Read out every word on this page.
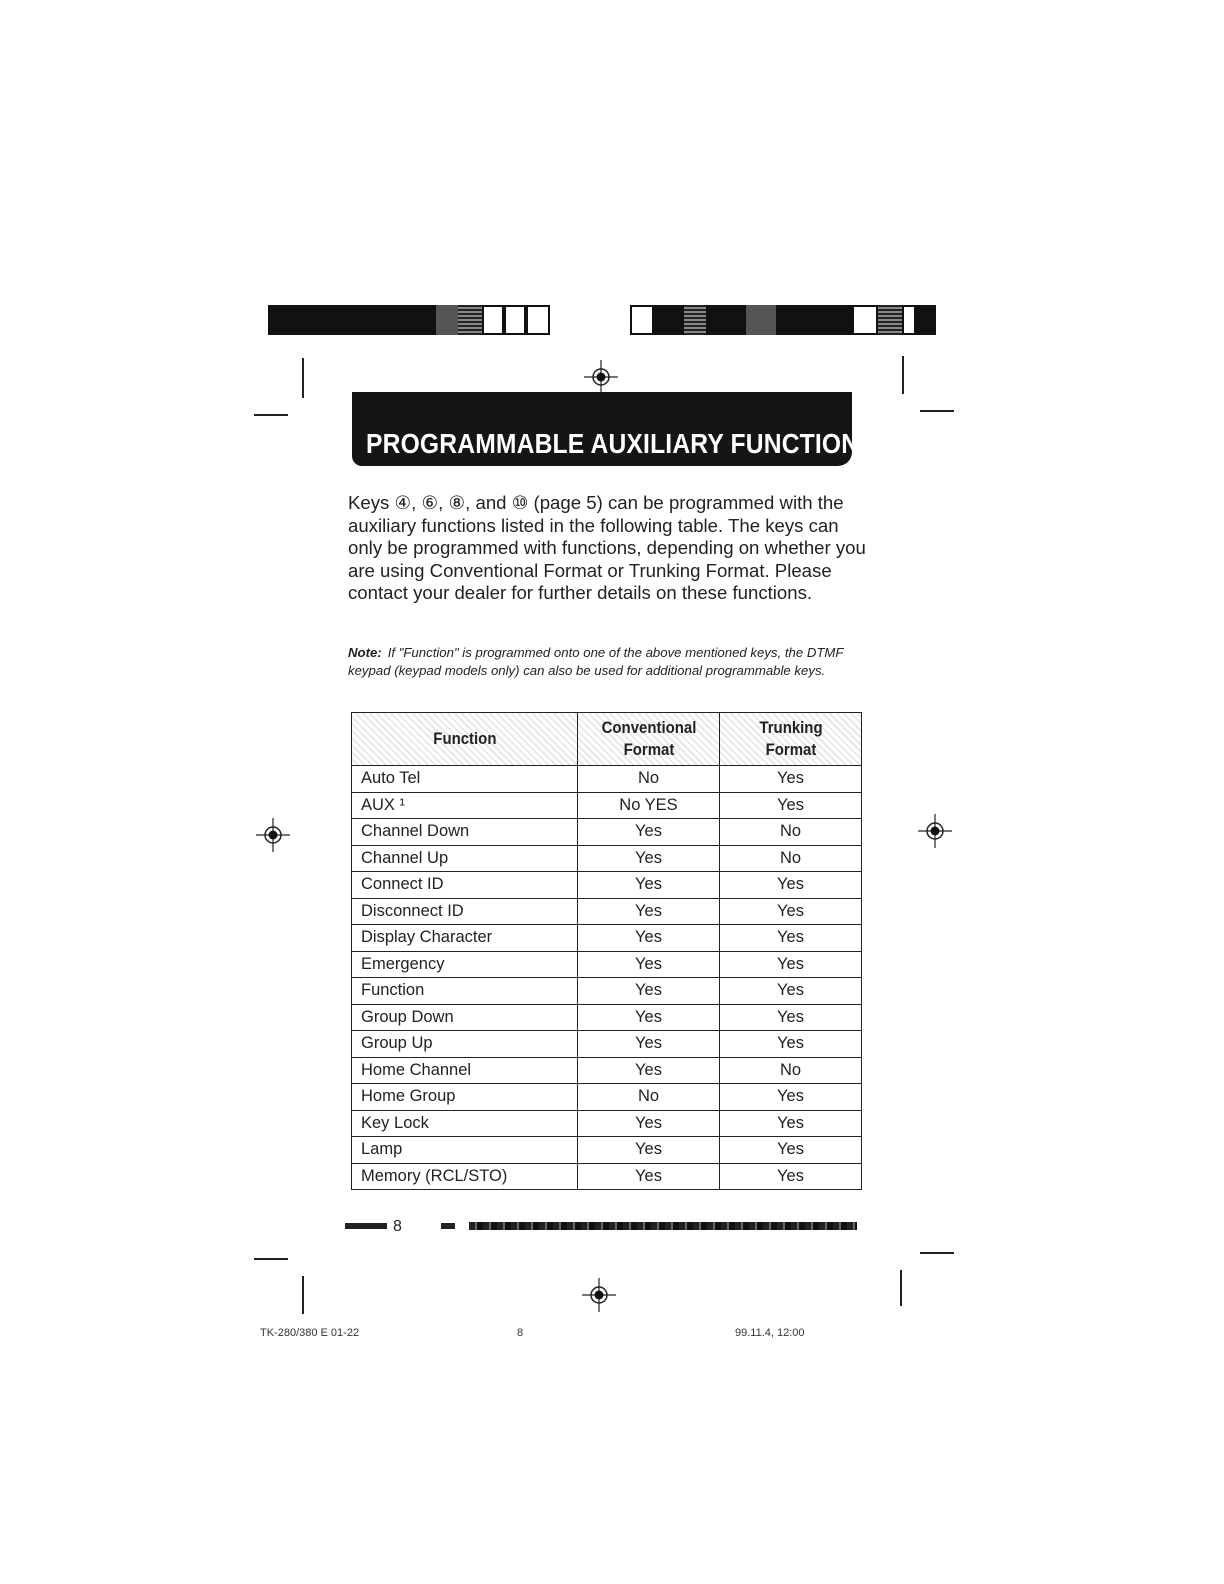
PROGRAMMABLE AUXILIARY FUNCTIONS

Keys ④, ⑥, ⑧, and ⑩ (page 5) can be programmed with the auxiliary functions listed in the following table. The keys can only be programmed with functions, depending on whether you are using Conventional Format or Trunking Format. Please contact your dealer for further details on these functions.

Note: If "Function" is programmed onto one of the above mentioned keys, the DTMF keypad (keypad models only) can also be used for additional programmable keys.

Function	Conventional Format	Trunking Format
Auto Tel	No	Yes
AUX ¹	No YES	Yes
Channel Down	Yes	No
Channel Up	Yes	No
Connect ID	Yes	Yes
Disconnect ID	Yes	Yes
Display Character	Yes	Yes
Emergency	Yes	Yes
Function	Yes	Yes
Group Down	Yes	Yes
Group Up	Yes	Yes
Home Channel	Yes	No
Home Group	No	Yes
Key Lock	Yes	Yes
Lamp	Yes	Yes
Memory (RCL/STO)	Yes	Yes
8
TK-280/380 E 01-22	8	99.11.4, 12:00
